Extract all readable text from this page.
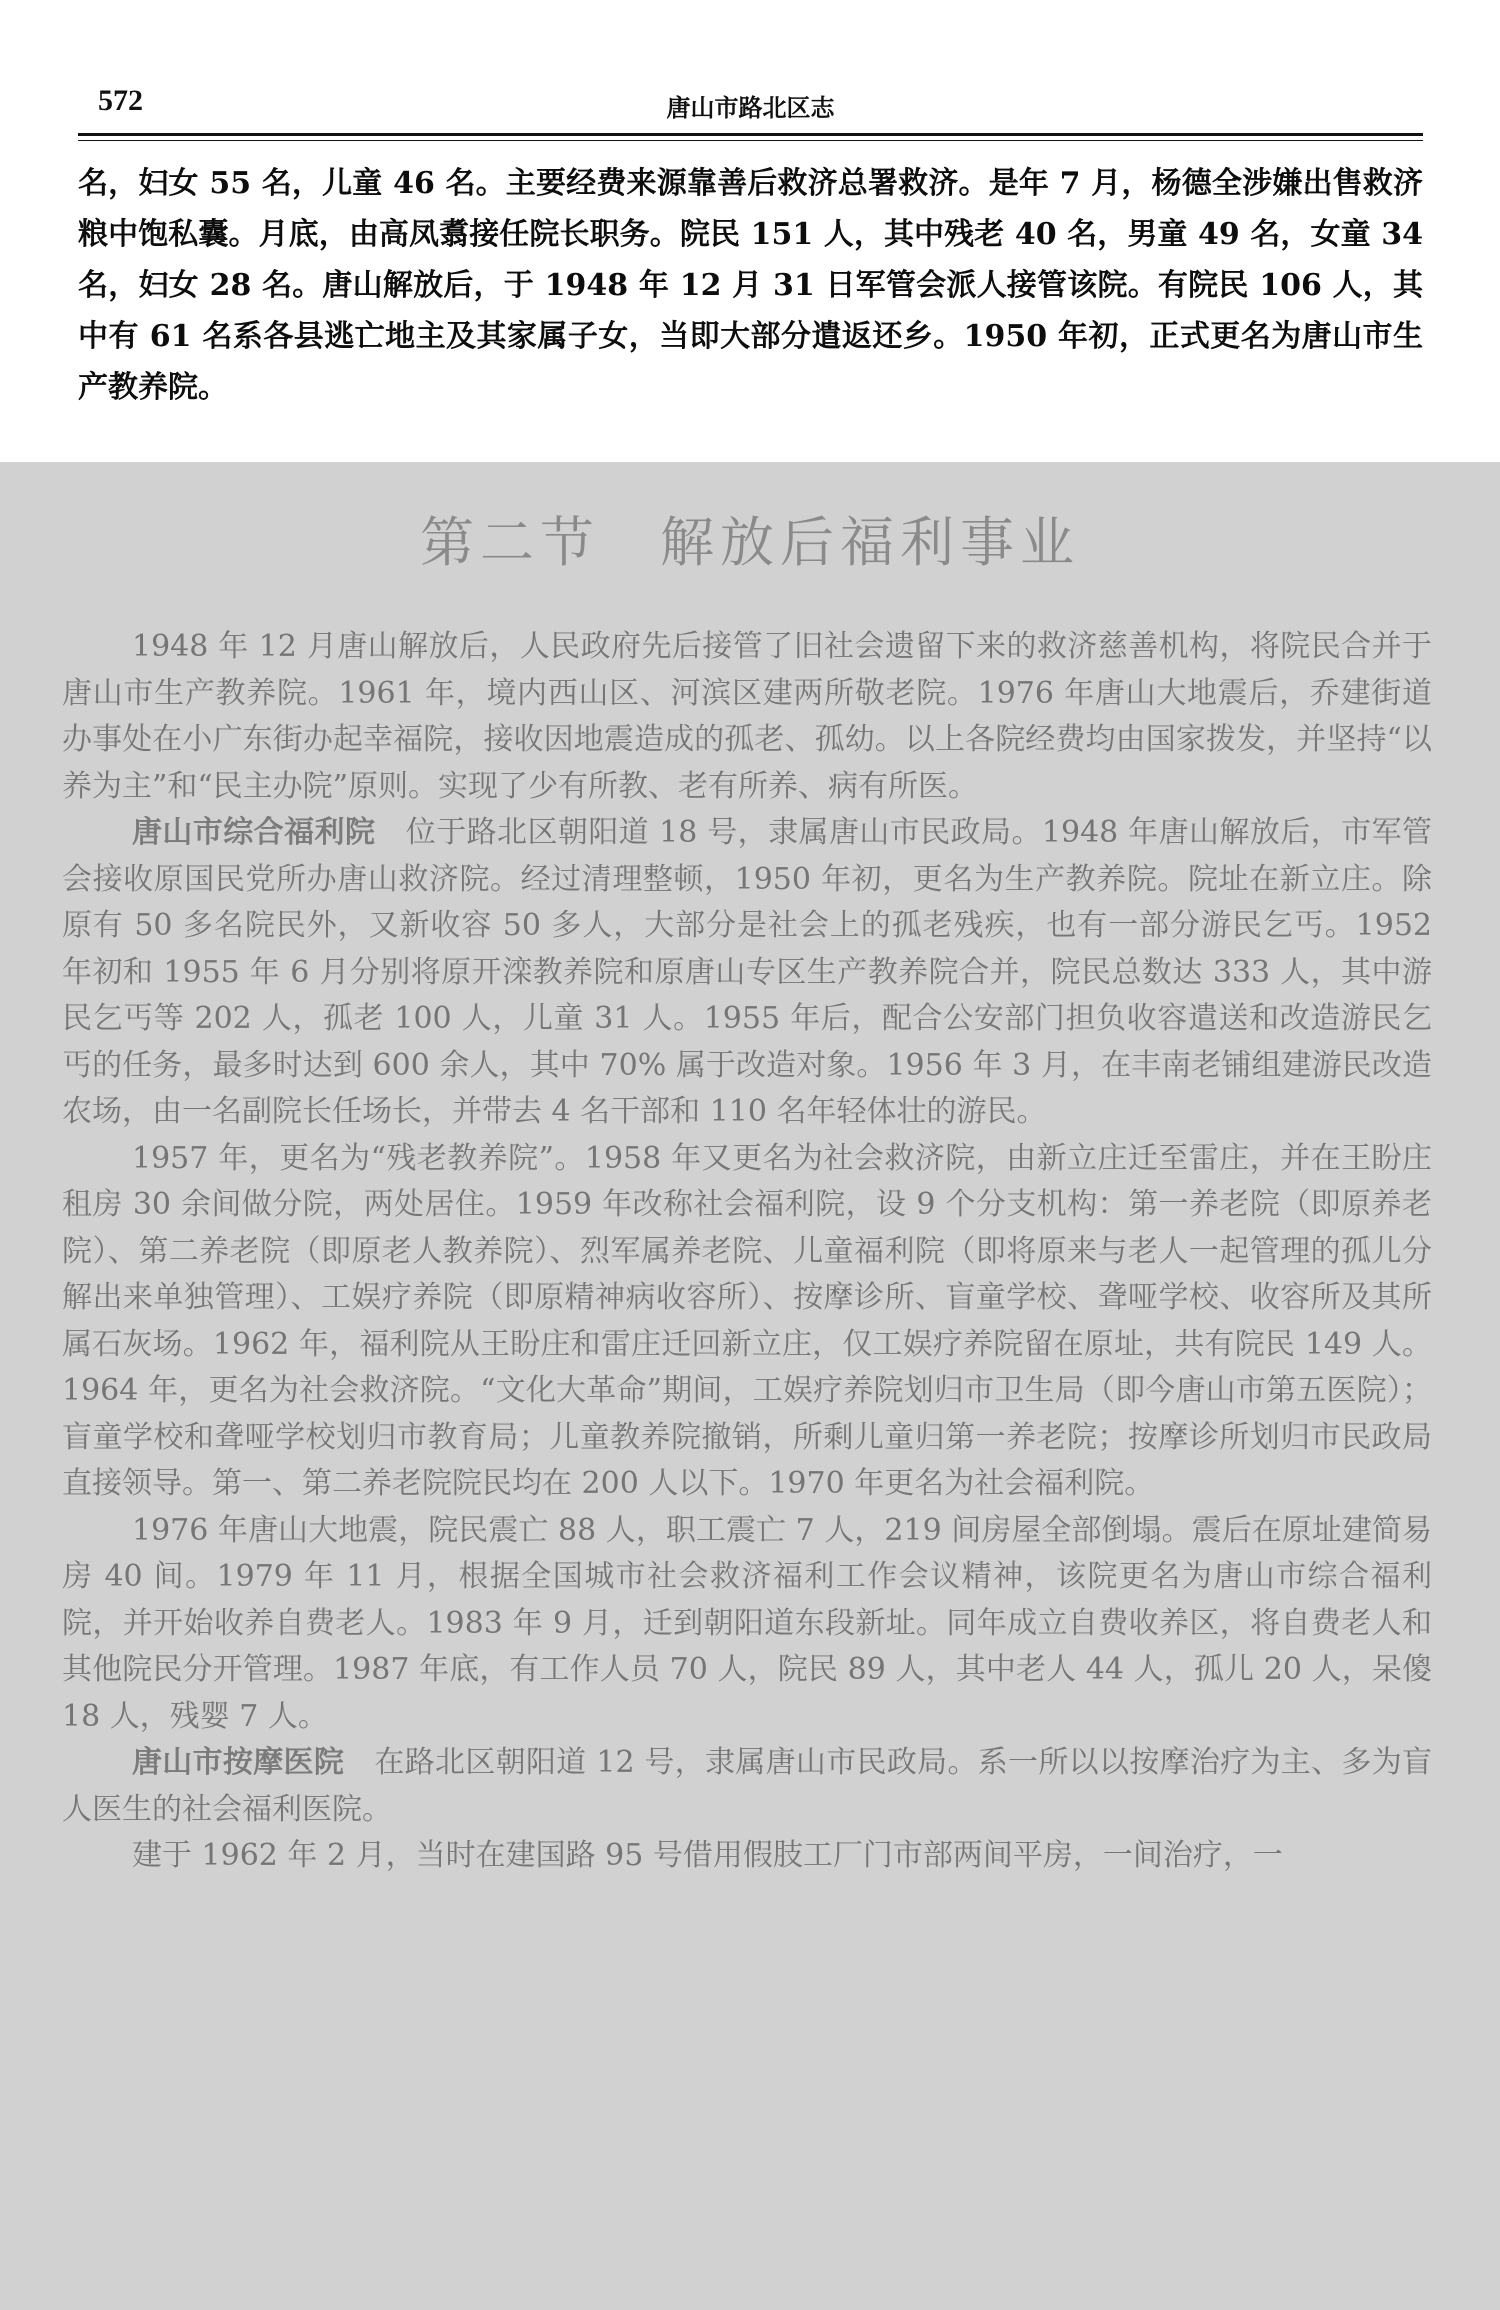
572	唐山市路北区志

名，妇女 55 名，儿童 46 名。主要经费来源靠善后救济总署救济。是年 7 月，杨德全涉嫌出售救济粮中饱私囊。月底，由高凤翥接任院长职务。院民 151 人，其中残老 40 名，男童 49 名，女童 34 名，妇女 28 名。唐山解放后，于 1948 年 12 月 31 日军管会派人接管该院。有院民 106 人，其中有 61 名系各县逃亡地主及其家属子女，当即大部分遣返还乡。1950 年初，正式更名为唐山市生产教养院。

第二节　解放后福利事业

1948 年 12 月唐山解放后，人民政府先后接管了旧社会遗留下来的救济慈善机构，将院民合并于唐山市生产教养院。1961 年，境内西山区、河滨区建两所敬老院。1976 年唐山大地震后，乔建街道办事处在小广东街办起幸福院，接收因地震造成的孤老、孤幼。以上各院经费均由国家拨发，并坚持“以养为主”和“民主办院”原则。实现了少有所教、老有所养、病有所医。

唐山市综合福利院　位于路北区朝阳道 18 号，隶属唐山市民政局。1948 年唐山解放后，市军管会接收原国民党所办唐山救济院。经过清理整顿，1950 年初，更名为生产教养院。院址在新立庄。除原有 50 多名院民外，又新收容 50 多人，大部分是社会上的孤老残疾，也有一部分游民乞丐。1952 年初和 1955 年 6 月分别将原开滦教养院和原唐山专区生产教养院合并，院民总数达 333 人，其中游民乞丐等 202 人，孤老 100 人，儿童 31 人。1955 年后，配合公安部门担负收容遣送和改造游民乞丐的任务，最多时达到 600 余人，其中 70% 属于改造对象。1956 年 3 月，在丰南老铺组建游民改造农场，由一名副院长任场长，并带去 4 名干部和 110 名年轻体壮的游民。

1957 年，更名为“残老教养院”。1958 年又更名为社会救济院，由新立庄迁至雷庄，并在王盼庄租房 30 余间做分院，两处居住。1959 年改称社会福利院，设 9 个分支机构：第一养老院（即原养老院）、第二养老院（即原老人教养院）、烈军属养老院、儿童福利院（即将原来与老人一起管理的孤儿分解出来单独管理）、工娱疗养院（即原精神病收容所）、按摩诊所、盲童学校、聋哑学校、收容所及其所属石灰场。1962 年，福利院从王盼庄和雷庄迁回新立庄，仅工娱疗养院留在原址，共有院民 149 人。1964 年，更名为社会救济院。“文化大革命”期间，工娱疗养院划归市卫生局（即今唐山市第五医院）；盲童学校和聋哑学校划归市教育局；儿童教养院撤销，所剩儿童归第一养老院；按摩诊所划归市民政局直接领导。第一、第二养老院院民均在 200 人以下。1970 年更名为社会福利院。

1976 年唐山大地震，院民震亡 88 人，职工震亡 7 人，219 间房屋全部倒塌。震后在原址建简易房 40 间。1979 年 11 月，根据全国城市社会救济福利工作会议精神，该院更名为唐山市综合福利院，并开始收养自费老人。1983 年 9 月，迁到朝阳道东段新址。同年成立自费收养区，将自费老人和其他院民分开管理。1987 年底，有工作人员 70 人，院民 89 人，其中老人 44 人，孤儿 20 人，呆傻 18 人，残婴 7 人。

唐山市按摩医院　在路北区朝阳道 12 号，隶属唐山市民政局。系一所以以按摩治疗为主、多为盲人医生的社会福利医院。

建于 1962 年 2 月，当时在建国路 95 号借用假肢工厂门市部两间平房，一间治疗，一
